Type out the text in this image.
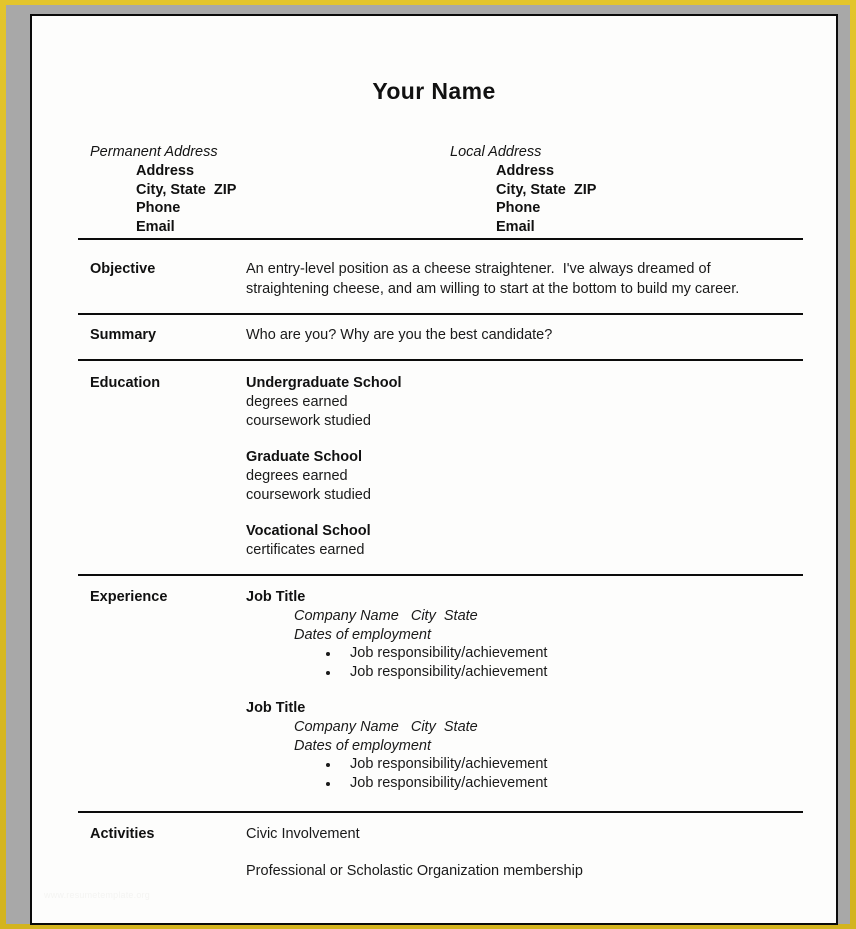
Your Name
Permanent Address
Address
City, State  ZIP
Phone
Email
Local Address
Address
City, State  ZIP
Phone
Email
Objective	An entry-level position as a cheese straightener.  I've always dreamed of
straightening cheese, and am willing to start at the bottom to build my career.
Summary	Who are you? Why are you the best candidate?
Education	Undergraduate School
degrees earned
coursework studied
Graduate School
degrees earned
coursework studied
Vocational School
certificates earned
Experience	Job Title
Company Name   City  State
Dates of employment
Job responsibility/achievement
Job responsibility/achievement
Job Title
Company Name   City  State
Dates of employment
Job responsibility/achievement
Job responsibility/achievement
Activities	Civic Involvement
Professional or Scholastic Organization membership
www.resumetemplate.org
